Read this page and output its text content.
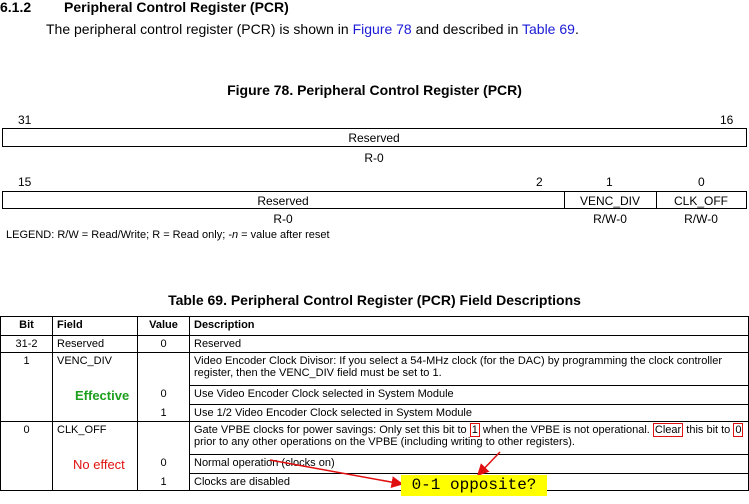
6.1.2 Peripheral Control Register (PCR)
The peripheral control register (PCR) is shown in Figure 78 and described in Table 69.
Figure 78. Peripheral Control Register (PCR)
31	16
Reserved
R-0
15	2	1	0
Reserved	VENC_DIV	CLK_OFF
R-0	R/W-0	R/W-0
LEGEND: R/W = Read/Write; R = Read only; -n = value after reset
Table 69. Peripheral Control Register (PCR) Field Descriptions
Bit	Field	Value	Description
31-2	Reserved	0	Reserved
1	VENC_DIV		Video Encoder Clock Divisor: If you select a 54-MHz clock (for the DAC) by programming the clock controller register, then the VENC_DIV field must be set to 1.
	Effective	0	Use Video Encoder Clock selected in System Module
		1	Use 1/2 Video Encoder Clock selected in System Module
0	CLK_OFF		Gate VPBE clocks for power savings: Only set this bit to 1 when the VPBE is not operational. Clear this bit to 0 prior to any other operations on the VPBE (including writing to other registers).
	No effect	0	Normal operation (clocks on)
		1	Clocks are disabled	0-1 opposite?
